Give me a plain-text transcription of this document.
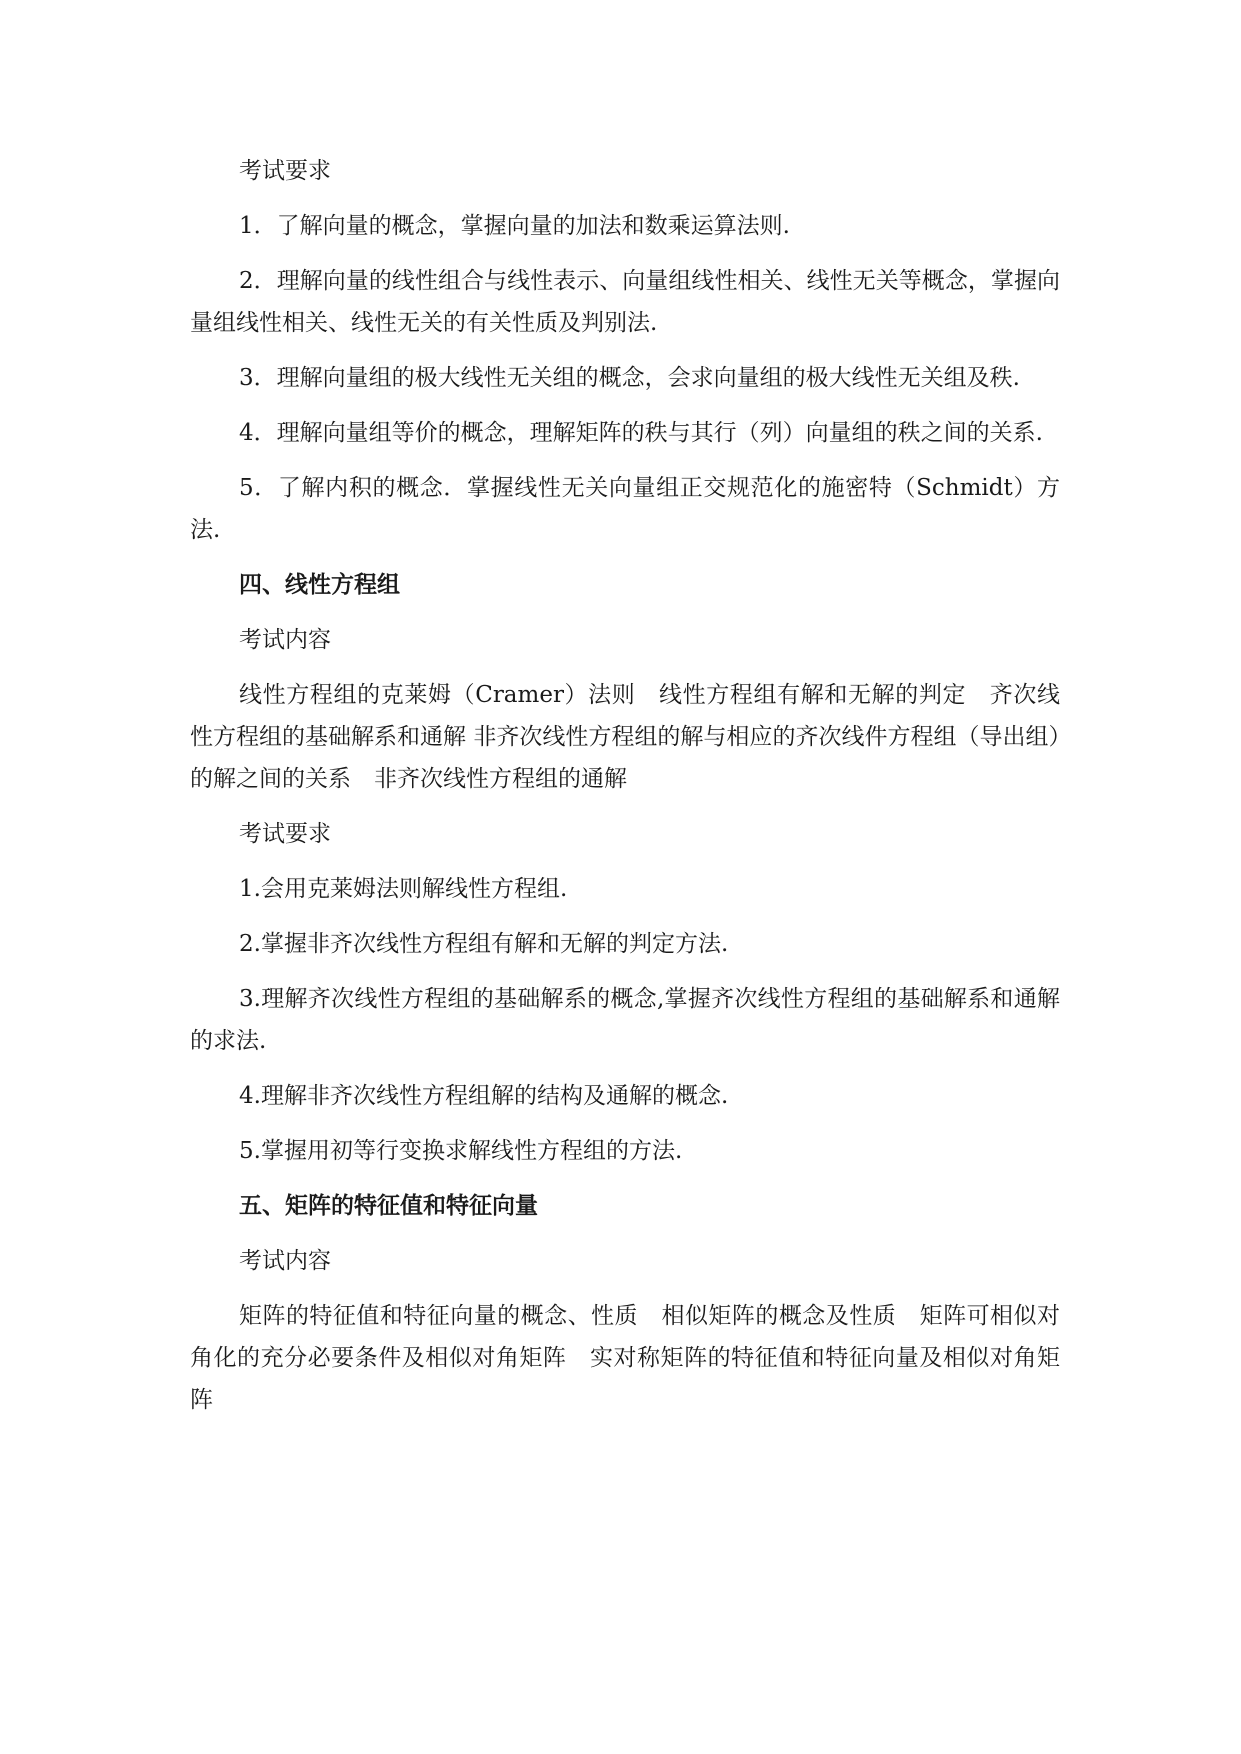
考试要求

1．了解向量的概念，掌握向量的加法和数乘运算法则.

2．理解向量的线性组合与线性表示、向量组线性相关、线性无关等概念，掌握向量组线性相关、线性无关的有关性质及判别法.

3．理解向量组的极大线性无关组的概念，会求向量组的极大线性无关组及秩.

4．理解向量组等价的概念，理解矩阵的秩与其行（列）向量组的秩之间的关系.

5．了解内积的概念．掌握线性无关向量组正交规范化的施密特（Schmidt）方法.

四、线性方程组

考试内容

线性方程组的克莱姆（Cramer）法则　线性方程组有解和无解的判定　齐次线性方程组的基础解系和通解 非齐次线性方程组的解与相应的齐次线件方程组（导出组）的解之间的关系　非齐次线性方程组的通解

考试要求

1.会用克莱姆法则解线性方程组.

2.掌握非齐次线性方程组有解和无解的判定方法.

3.理解齐次线性方程组的基础解系的概念,掌握齐次线性方程组的基础解系和通解的求法.

4.理解非齐次线性方程组解的结构及通解的概念.

5.掌握用初等行变换求解线性方程组的方法.

五、矩阵的特征值和特征向量

考试内容

矩阵的特征值和特征向量的概念、性质　相似矩阵的概念及性质　矩阵可相似对角化的充分必要条件及相似对角矩阵　实对称矩阵的特征值和特征向量及相似对角矩阵
